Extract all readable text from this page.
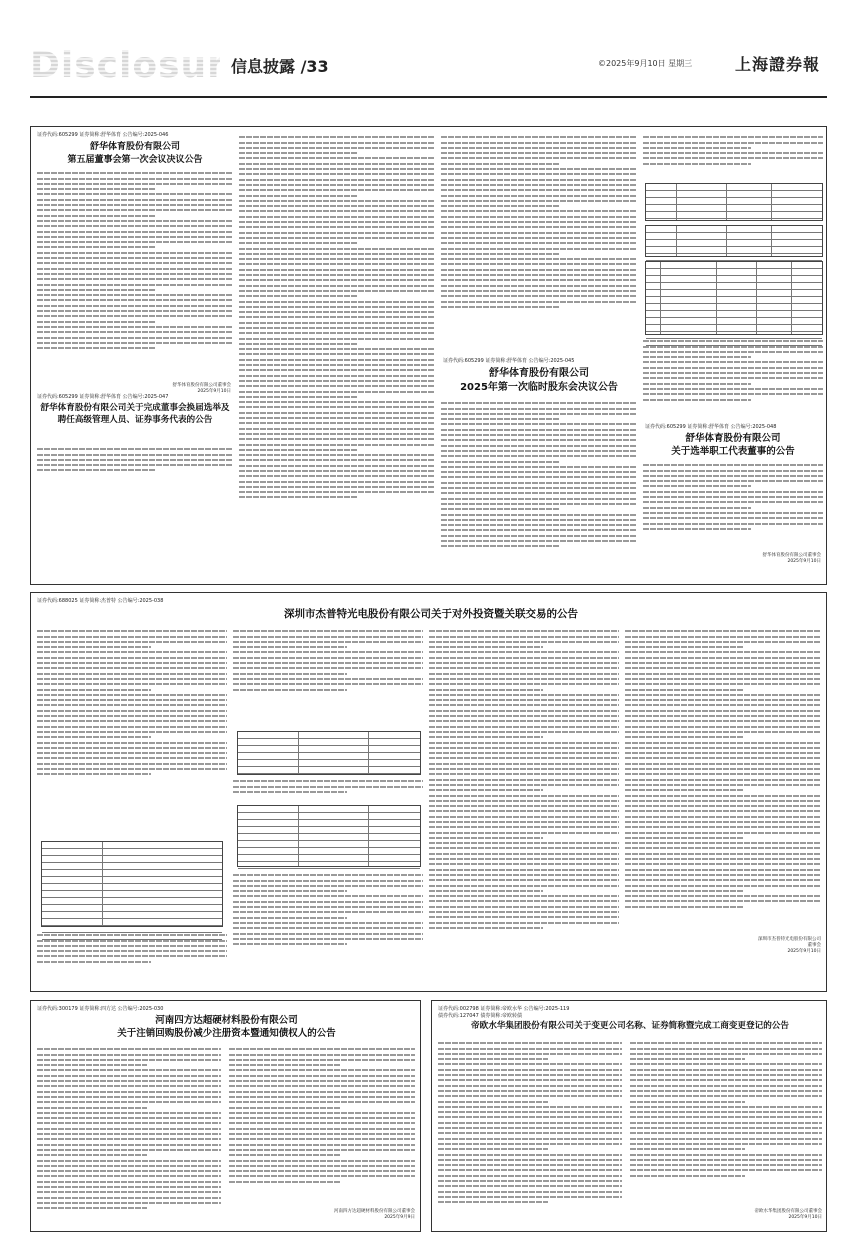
Disclosure
信息披露 /33	©2025年9月10日 星期三	上海證券報
证券代码:605299 证券简称:舒华体育 公告编号:2025-046
舒华体育股份有限公司
第五届董事会第一次会议决议公告
舒华体育股份有限公司董事会
2025年9月10日
证券代码:605299 证券简称:舒华体育 公告编号:2025-047
舒华体育股份有限公司关于完成董事会换届选举及聘任高级管理人员、证券事务代表的公告
证券代码:605299 证券简称:舒华体育 公告编号:2025-045
舒华体育股份有限公司
2025年第一次临时股东会决议公告
证券代码:605299 证券简称:舒华体育 公告编号:2025-048
舒华体育股份有限公司
关于选举职工代表董事的公告
舒华体育股份有限公司董事会
2025年9月10日
证券代码:688025 证券简称:杰普特 公告编号:2025-038
深圳市杰普特光电股份有限公司关于对外投资暨关联交易的公告
深圳市杰普特光电股份有限公司
董事会
2025年9月10日
证券代码:300179 证券简称:四方达 公告编号:2025-030
河南四方达超硬材料股份有限公司
关于注销回购股份减少注册资本暨通知债权人的公告
河南四方达超硬材料股份有限公司董事会
2025年9月9日
证券代码:002798 证券简称:帝欧水华 公告编号:2025-119
债券代码:127047 债券简称:帝欧转债
帝欧水华集团股份有限公司关于变更公司名称、证券简称暨完成工商变更登记的公告
帝欧水华集团股份有限公司董事会
2025年9月10日
